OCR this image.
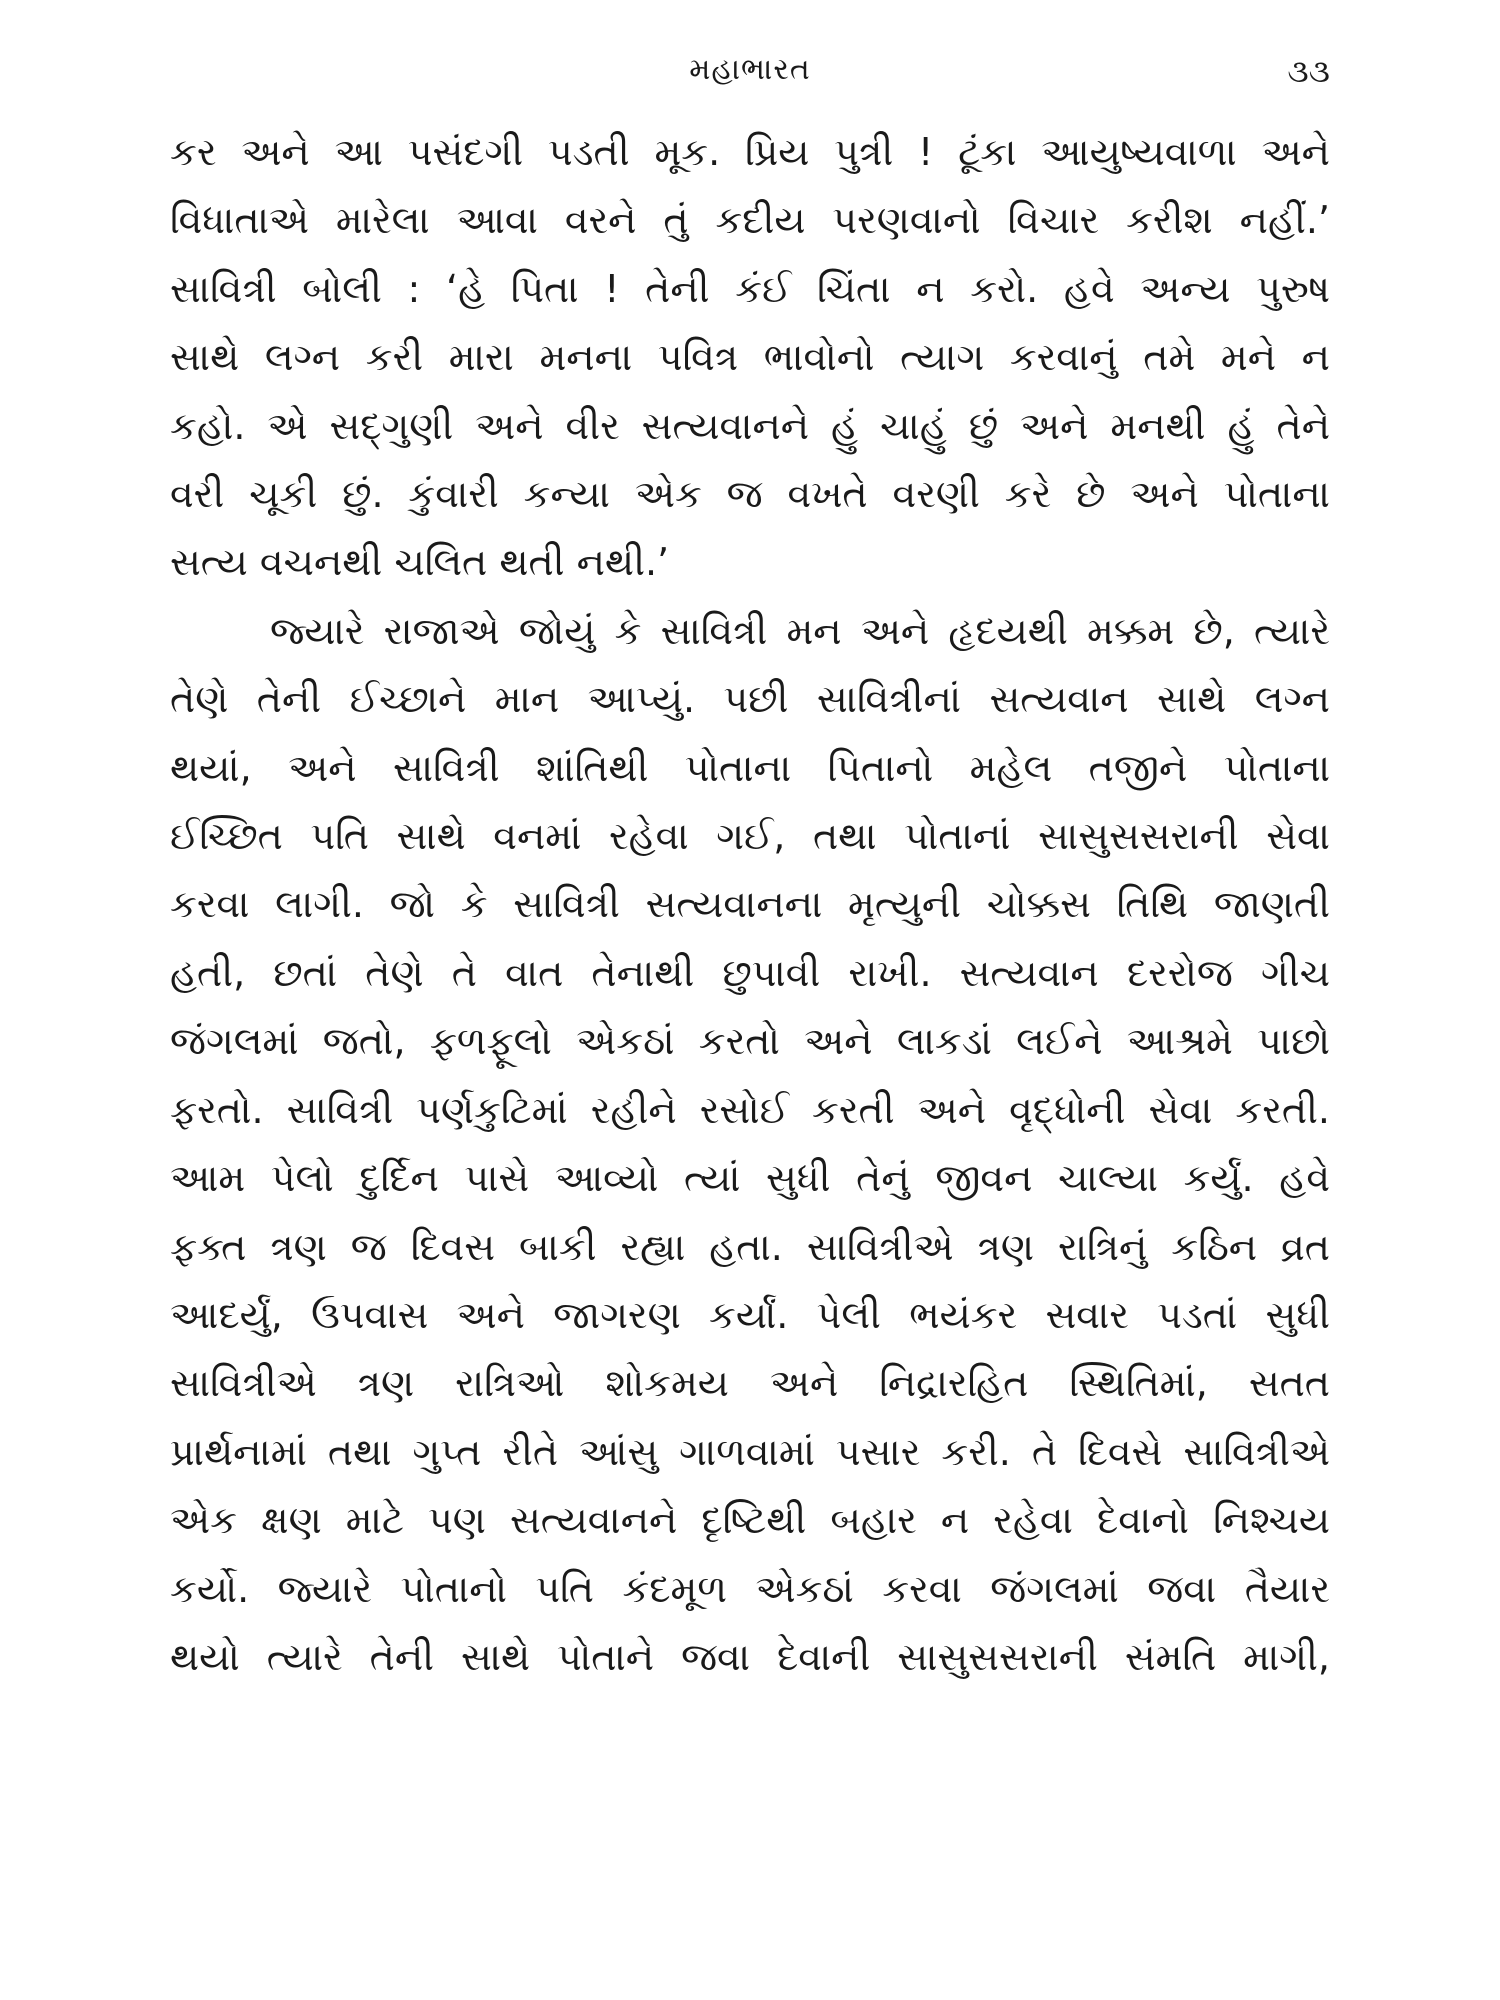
મહાભારત	૩૩

કર અને આ પસંદગી પડતી મૂક. પ્રિય પુત્રી ! ટૂંકા આયુષ્યવાળા અને
વિધાતાએ મારેલા આવા વરને તું કદીય પરણવાનો વિચાર કરીશ નહીં.’
સાવિત્રી બોલી : ‘હે પિતા ! તેની કંઈ ચિંતા ન કરો. હવે અન્ય પુરુષ
સાથે લગ્ન કરી મારા મનના પવિત્ર ભાવોનો ત્યાગ કરવાનું તમે મને ન
કહો. એ સદ્ગુણી અને વીર સત્યવાનને હું ચાહું છું અને મનથી હું તેને
વરી ચૂકી છું. કુંવારી કન્યા એક જ વખતે વરણી કરે છે અને પોતાના
સત્ય વચનથી ચલિત થતી નથી.’

જ્યારે રાજાએ જોયું કે સાવિત્રી મન અને હૃદયથી મક્કમ છે, ત્યારે
તેણે તેની ઈચ્છાને માન આપ્યું. પછી સાવિત્રીનાં સત્યવાન સાથે લગ્ન
થયાં, અને સાવિત્રી શાંતિથી પોતાના પિતાનો મહેલ તજીને પોતાના
ઈચ્છિત પતિ સાથે વનમાં રહેવા ગઈ, તથા પોતાનાં સાસુસસરાની સેવા
કરવા લાગી. જો કે સાવિત્રી સત્યવાનના મૃત્યુની ચોક્કસ તિથિ જાણતી
હતી, છતાં તેણે તે વાત તેનાથી છુપાવી રાખી. સત્યવાન દરરોજ ગીચ
જંગલમાં જતો, ફળફૂલો એકઠાં કરતો અને લાકડાં લઈને આશ્રમે પાછો
ફરતો. સાવિત્રી પર્ણકુટિમાં રહીને રસોઈ કરતી અને વૃદ્ધોની સેવા કરતી.
આમ પેલો દુર્દિન પાસે આવ્યો ત્યાં સુધી તેનું જીવન ચાલ્યા કર્યું. હવે
ફક્ત ત્રણ જ દિવસ બાકી રહ્યા હતા. સાવિત્રીએ ત્રણ રાત્રિનું કઠિન વ્રત
આદર્યું, ઉપવાસ અને જાગરણ કર્યાં. પેલી ભયંકર સવાર પડતાં સુધી
સાવિત્રીએ ત્રણ રાત્રિઓ શોકમય અને નિદ્રારહિત સ્થિતિમાં, સતત
પ્રાર્થનામાં તથા ગુપ્ત રીતે આંસુ ગાળવામાં પસાર કરી. તે દિવસે સાવિત્રીએ
એક ક્ષણ માટે પણ સત્યવાનને દૃષ્ટિથી બહાર ન રહેવા દેવાનો નિશ્ચય
કર્યો. જ્યારે પોતાનો પતિ કંદમૂળ એકઠાં કરવા જંગલમાં જવા તૈયાર
થયો ત્યારે તેની સાથે પોતાને જવા દેવાની સાસુસસરાની સંમતિ માગી,
